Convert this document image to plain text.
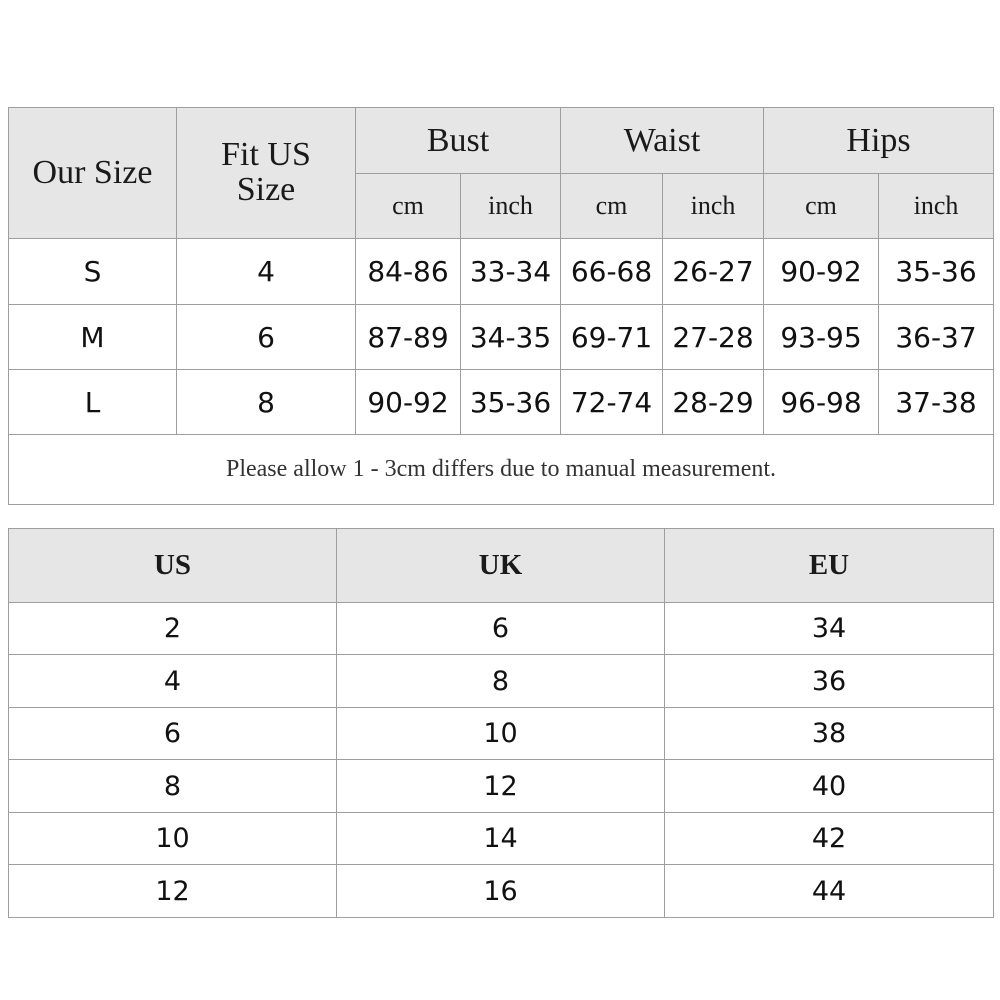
Our Size	Fit US Size	Bust		Waist		Hips	
		cm	inch	cm	inch	cm	inch
S	4	84-86	33-34	66-68	26-27	90-92	35-36
M	6	87-89	34-35	69-71	27-28	93-95	36-37
L	8	90-92	35-36	72-74	28-29	96-98	37-38
Please allow 1 - 3cm differs due to manual measurement.							
US	UK	EU
2	6	34
4	8	36
6	10	38
8	12	40
10	14	42
12	16	44
